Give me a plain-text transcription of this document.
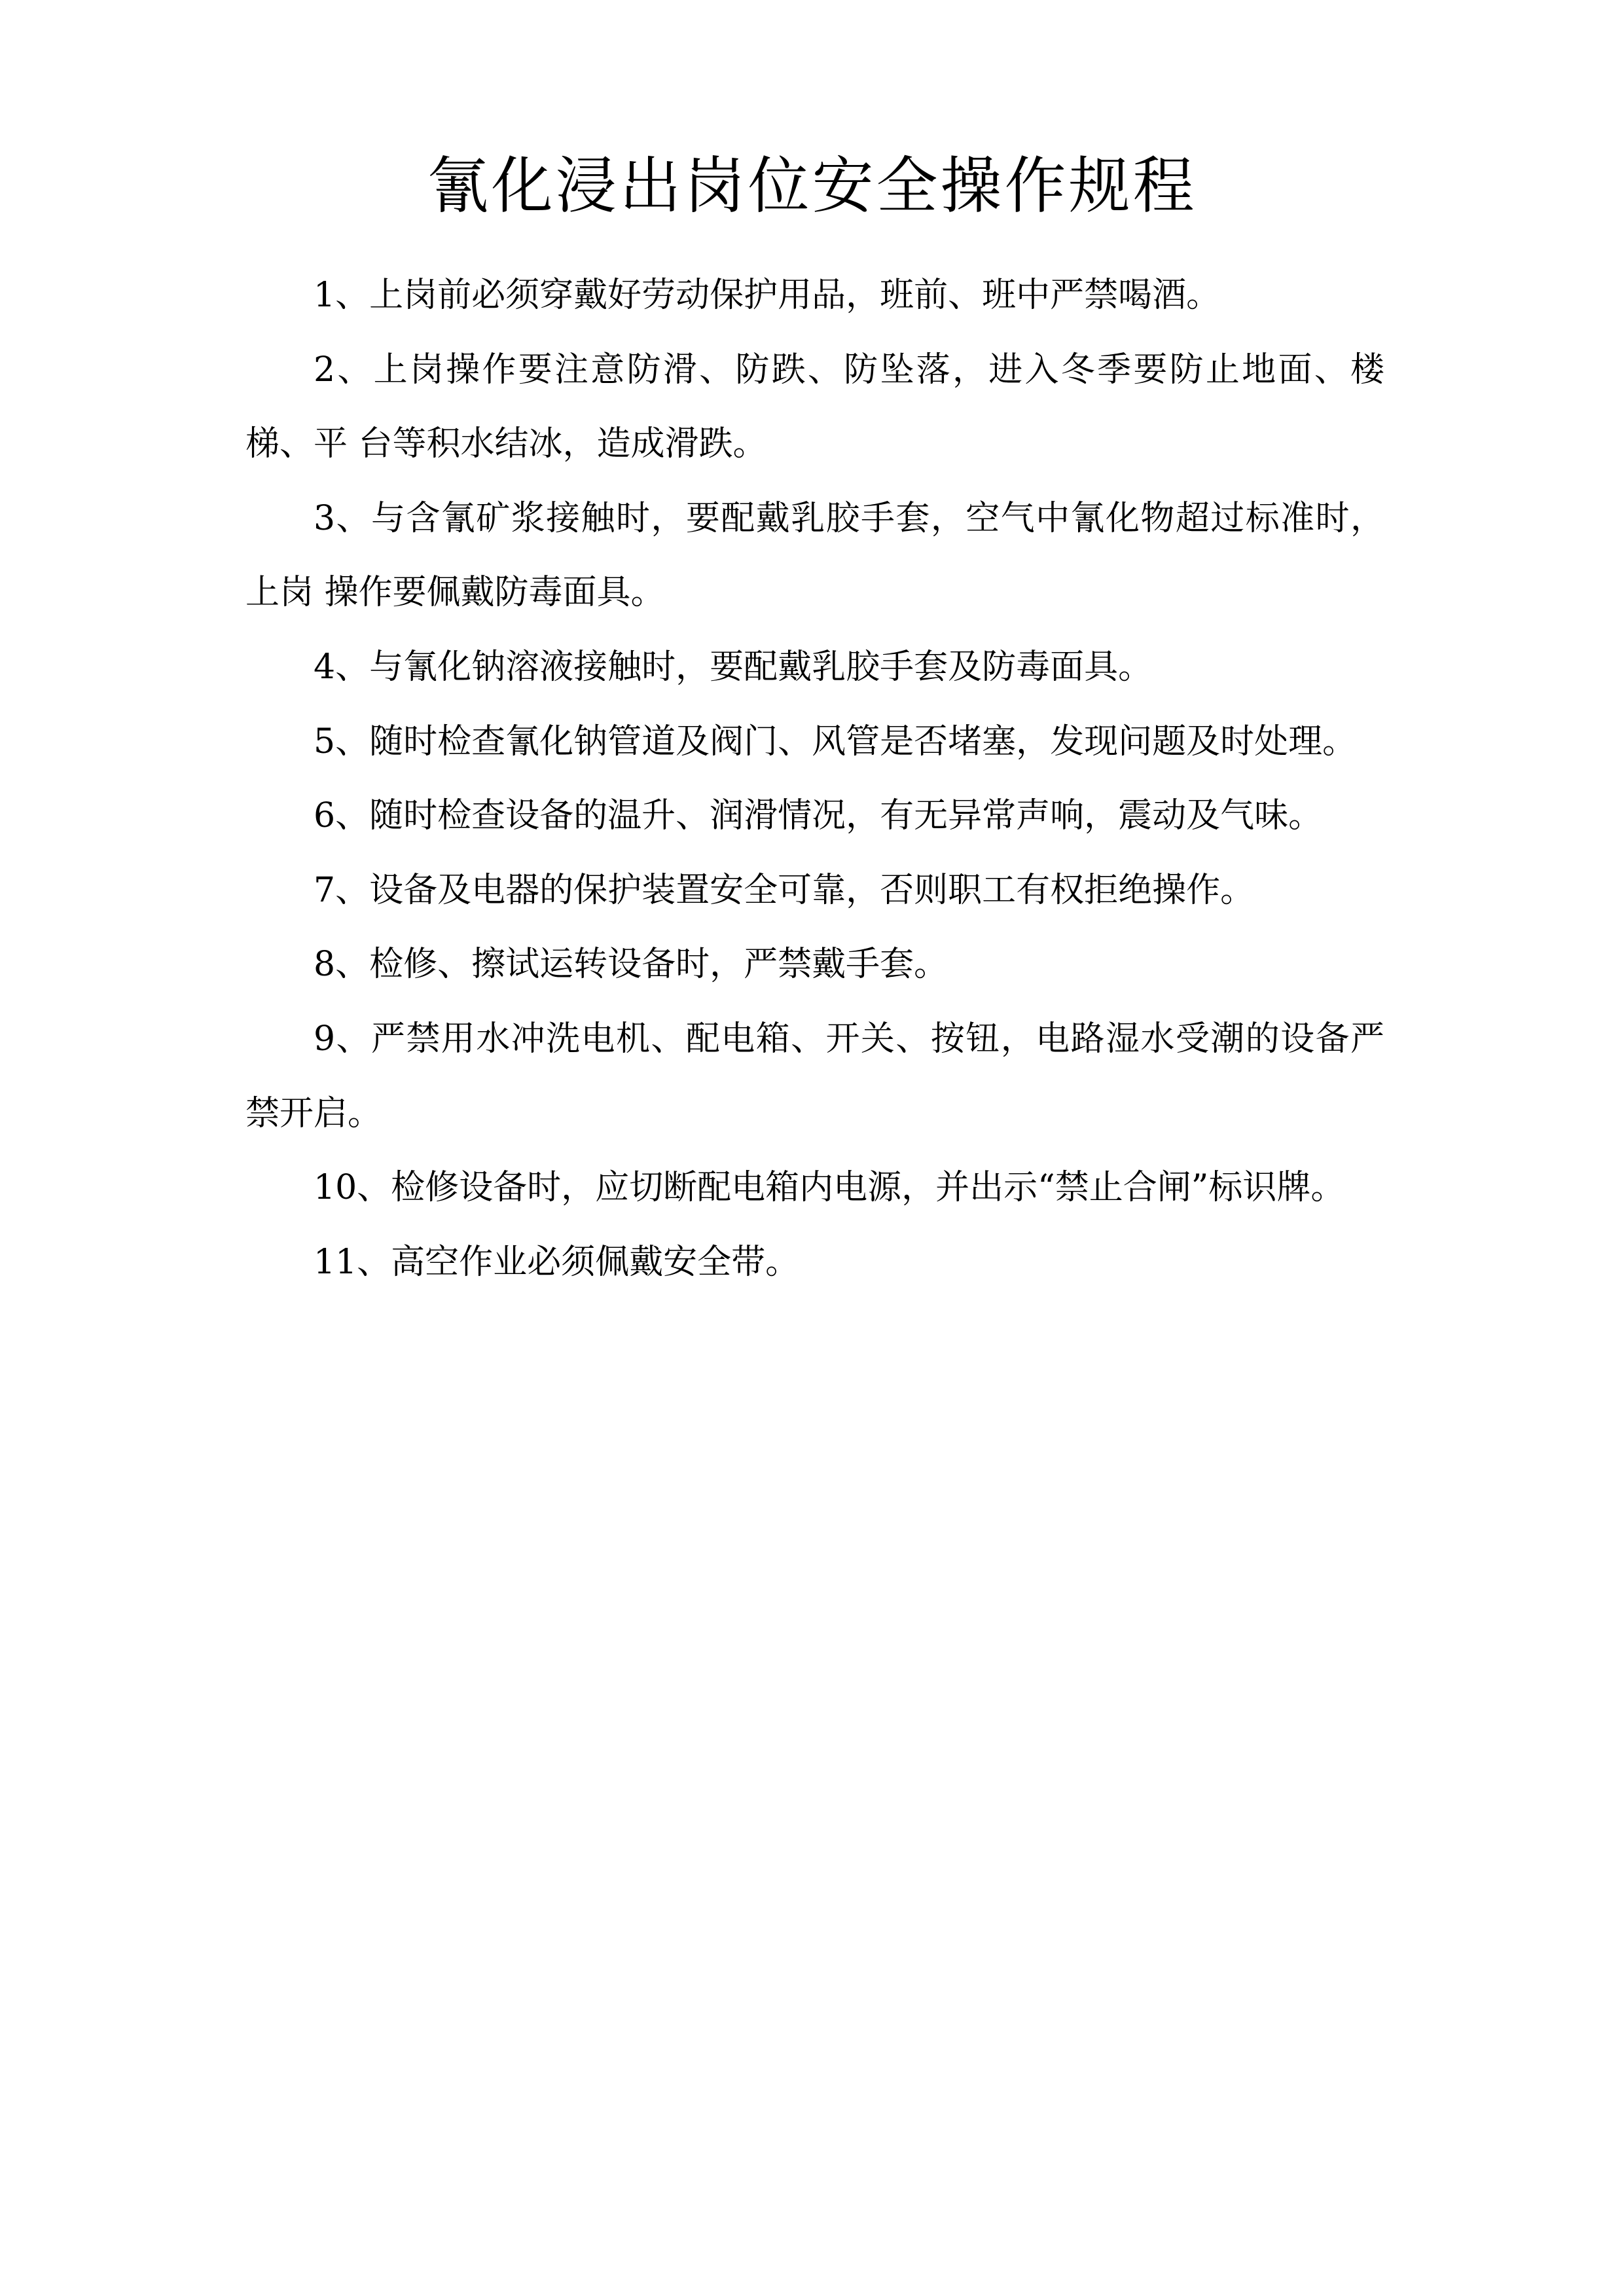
氰化浸出岗位安全操作规程

1、上岗前必须穿戴好劳动保护用品，班前、班中严禁喝酒。

2、上岗操作要注意防滑、防跌、防坠落，进入冬季要防止地面、楼梯、平 台等积水结冰，造成滑跌。

3、与含氰矿浆接触时，要配戴乳胶手套，空气中氰化物超过标准时，上岗 操作要佩戴防毒面具。

4、与氰化钠溶液接触时，要配戴乳胶手套及防毒面具。

5、随时检查氰化钠管道及阀门、风管是否堵塞，发现问题及时处理。

6、随时检查设备的温升、润滑情况，有无异常声响，震动及气味。

7、设备及电器的保护装置安全可靠，否则职工有权拒绝操作。

8、检修、擦试运转设备时，严禁戴手套。

9、严禁用水冲洗电机、配电箱、开关、按钮，电路湿水受潮的设备严禁开启。

10、检修设备时，应切断配电箱内电源，并出示“禁止合闸”标识牌。

11、高空作业必须佩戴安全带。
